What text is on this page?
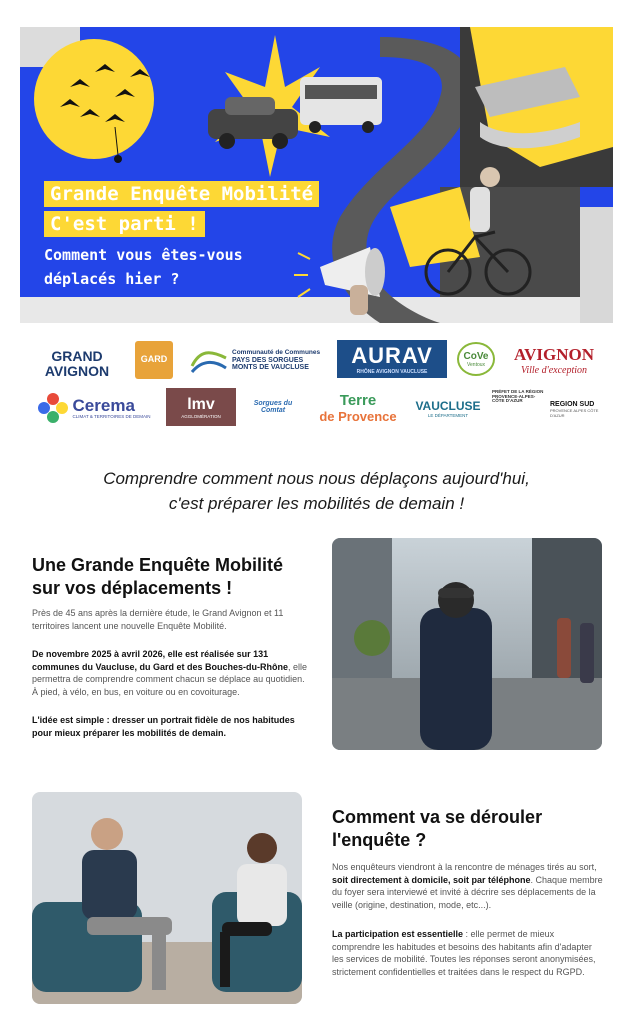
Grande Enquête Mobilité
C'est parti !
Comment vous êtes-vous déplacés hier ?
GRAND
AVIGNON
GARD
Communauté de Communes
PAYS DES SORGUES MONTS DE VAUCLUSE	AURAV
RHÔNE AVIGNON VAUCLUSE
CoVe
Ventoux
AVIGNON
Ville d'exception
Cerema
CLIMAT & TERRITOIRES DE DEMAIN
lmv
AGGLOMÉRATION
Sorgues du Comtat
Terre
de Provence
VAUCLUSE
LE DÉPARTEMENT
PRÉFET DE LA RÉGION PROVENCE-ALPES-CÔTE D'AZUR	REGION SUD
PROVENCE ALPES CÔTE D'AZUR
Comprendre comment nous nous déplaçons aujourd'hui,
c'est préparer les mobilités de demain !
Une Grande Enquête Mobilité sur vos déplacements !
Près de 45 ans après la dernière étude, le Grand Avignon et 11 territoires lancent une nouvelle Enquête Mobilité.
De novembre 2025 à avril 2026, elle est réalisée sur 131 communes du Vaucluse, du Gard et des Bouches-du-Rhône, elle permettra de comprendre comment chacun se déplace au quotidien. À pied, à vélo, en bus, en voiture ou en covoiturage.
L'idée est simple : dresser un portrait fidèle de nos habitudes pour mieux préparer les mobilités de demain.
Comment va se dérouler l'enquête ?
Nos enquêteurs viendront à la rencontre de ménages tirés au sort, soit directement à domicile, soit par téléphone. Chaque membre du foyer sera interviewé et invité à décrire ses déplacements de la veille (origine, destination, mode, etc...).
La participation est essentielle : elle permet de mieux comprendre les habitudes et besoins des habitants afin d'adapter les services de mobilité. Toutes les réponses seront anonymisées, strictement confidentielles et traitées dans le respect du RGPD.
